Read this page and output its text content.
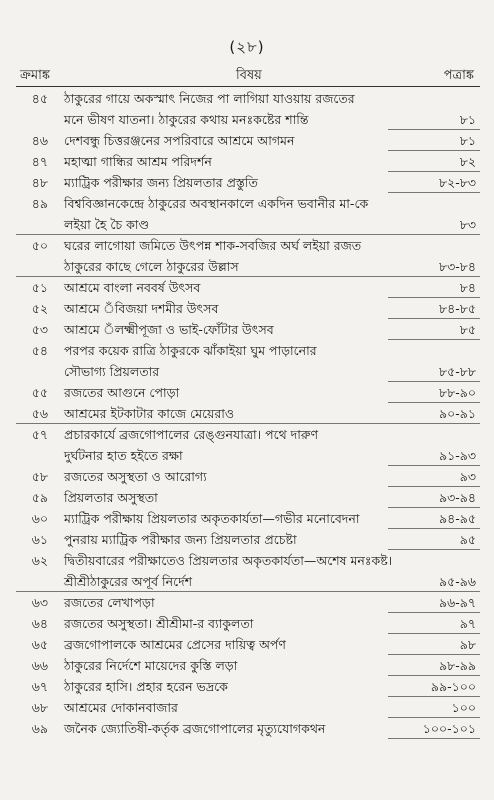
(২৮)
ক্রমাঙ্ক	বিষয়	পত্রাঙ্ক
৪৫ ঠাকুরের গায়ে অকস্মাৎ নিজের পা লাগিয়া যাওয়ায় রজতের
মনে ভীষণ যাতনা। ঠাকুরের কথায় মনঃকষ্টের শান্তি	৮১
৪৬ দেশবন্ধু চিত্তরঞ্জনের সপরিবারে আশ্রমে আগমন	৮১
৪৭ মহাত্মা গান্ধির আশ্রম পরিদর্শন	৮২
৪৮ ম্যাট্রিক পরীক্ষার জন্য প্রিয়লতার প্রস্তুতি	৮২-৮৩
৪৯ বিশ্ববিজ্ঞানকেন্দ্রে ঠাকুরের অবস্থানকালে একদিন ভবানীর মা-কে
লইয়া হৈ চৈ কাণ্ড	৮৩
৫০ ঘরের লাগোয়া জমিতে উৎপন্ন শাক-সবজির অর্ঘ লইয়া রজত
ঠাকুরের কাছে গেলে ঠাকুরের উল্লাস	৮৩-৮৪
৫১ আশ্রমে বাংলা নববর্ষ উৎসব	৮৪
৫২ আশ্রমে ঁবিজয়া দশমীর উৎসব	৮৪-৮৫
৫৩ আশ্রমে ঁলক্ষ্মীপূজা ও ভাই-ফোঁটার উৎসব	৮৫
৫৪ পরপর কয়েক রাত্রি ঠাকুরকে ঝাঁকাইয়া ঘুম পাড়ানোর
সৌভাগ্য প্রিয়লতার	৮৫-৮৮
৫৫ রজতের আগুনে পোড়া	৮৮-৯০
৫৬ আশ্রমের ইটকাটার কাজে মেয়েরাও	৯০-৯১
৫৭ প্রচারকার্যে ব্রজগোপালের রেঙ্গুনযাত্রা। পথে দারুণ
দুর্ঘটনার হাত হইতে রক্ষা	৯১-৯৩
৫৮ রজতের অসুস্থতা ও আরোগ্য	৯৩
৫৯ প্রিয়লতার অসুস্থতা	৯৩-৯৪
৬০ ম্যাট্রিক পরীক্ষায় প্রিয়লতার অকৃতকার্যতা—গভীর মনোবেদনা	৯৪-৯৫
৬১ পুনরায় ম্যাট্রিক পরীক্ষার জন্য প্রিয়লতার প্রচেষ্টা	৯৫
৬২ দ্বিতীয়বারের পরীক্ষাতেও প্রিয়লতার অকৃতকার্যতা—অশেষ মনঃকষ্ট।
শ্রীশ্রীঠাকুরের অপূর্ব নির্দেশ	৯৫-৯৬
৬৩ রজতের লেখাপড়া	৯৬-৯৭
৬৪ রজতের অসুস্থতা। শ্রীশ্রীমা-র ব্যাকুলতা	৯৭
৬৫ ব্রজগোপালকে আশ্রমের প্রেসের দায়িত্ব অর্পণ	৯৮
৬৬ ঠাকুরের নির্দেশে মায়েদের কুস্তি লড়া	৯৮-৯৯
৬৭ ঠাকুরের হাসি। প্রহার হরেন ভদ্রকে	৯৯-১০০
৬৮ আশ্রমের দোকানবাজার	১০০
৬৯ জনৈক জ্যোতিষী-কর্তৃক ব্রজগোপালের মৃত্যুযোগকথন	১০০-১০১
